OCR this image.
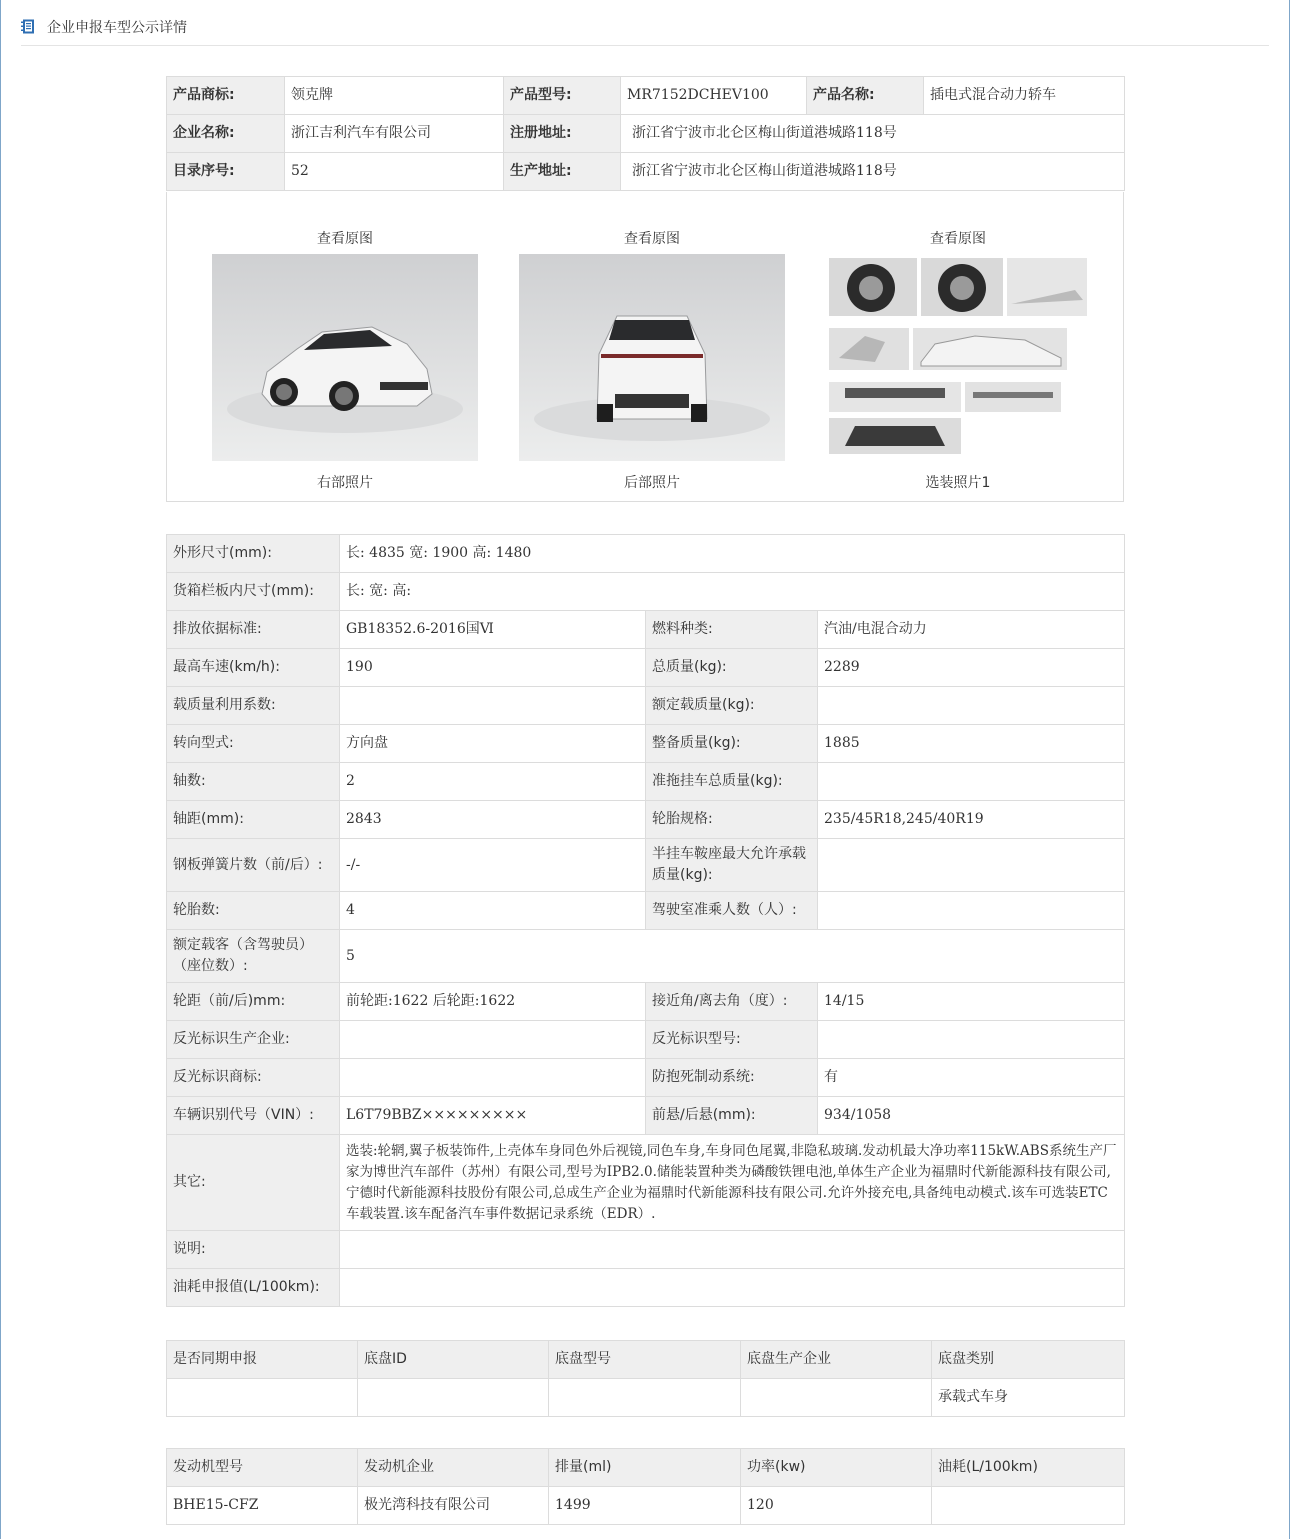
企业申报车型公示详情
产品商标:	领克牌	产品型号:	MR7152DCHEV100	产品名称:	插电式混合动力轿车
企业名称:	浙江吉利汽车有限公司	注册地址:	浙江省宁波市北仑区梅山街道港城路118号		
目录序号:	52	生产地址:	浙江省宁波市北仑区梅山街道港城路118号		
查看原图
右部照片
查看原图
后部照片
查看原图
选装照片1
外形尺寸(mm):	长: 4835 宽: 1900 高: 1480		
货箱栏板内尺寸(mm):	长: 宽: 高:		
排放依据标准:	GB18352.6-2016国Ⅵ	燃料种类:	汽油/电混合动力
最高车速(km/h):	190	总质量(kg):	2289
载质量利用系数:		额定载质量(kg):	
转向型式:	方向盘	整备质量(kg):	1885
轴数:	2	准拖挂车总质量(kg):	
轴距(mm):	2843	轮胎规格:	235/45R18,245/40R19
钢板弹簧片数（前/后）:	-/-	半挂车鞍座最大允许承载质量(kg):	
轮胎数:	4	驾驶室准乘人数（人）:	
额定载客（含驾驶员）（座位数）:	5		
轮距（前/后)mm:	前轮距:1622 后轮距:1622	接近角/离去角（度）:	14/15
反光标识生产企业:		反光标识型号:	
反光标识商标:		防抱死制动系统:	有
车辆识别代号（VIN）:	L6T79BBZ×××××××××	前悬/后悬(mm):	934/1058
其它:	选装:轮辋,翼子板装饰件,上壳体车身同色外后视镜,同色车身,车身同色尾翼,非隐私玻璃.发动机最大净功率115kW.ABS系统生产厂家为博世汽车部件（苏州）有限公司,型号为IPB2.0.储能装置种类为磷酸铁锂电池,单体生产企业为福鼎时代新能源科技有限公司,宁德时代新能源科技股份有限公司,总成生产企业为福鼎时代新能源科技有限公司.允许外接充电,具备纯电动模式.该车可选装ETC车载装置.该车配备汽车事件数据记录系统（EDR）.		
说明:			
油耗申报值(L/100km):			
是否同期申报	底盘ID	底盘型号	底盘生产企业	底盘类别
				承载式车身
发动机型号	发动机企业	排量(ml)	功率(kw)	油耗(L/100km)
BHE15-CFZ	极光湾科技有限公司	1499	120	
